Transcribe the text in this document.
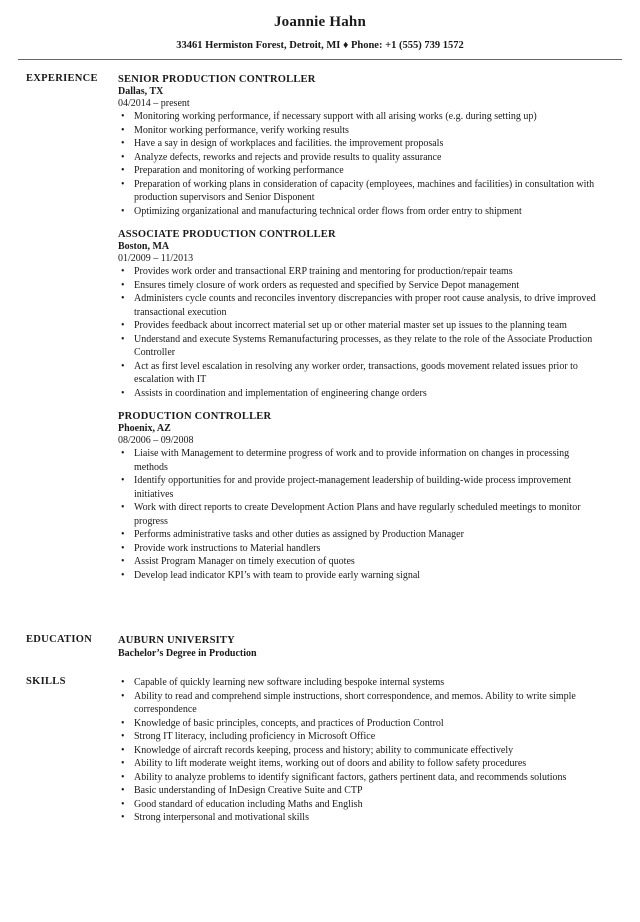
Joannie Hahn
33461 Hermiston Forest, Detroit, MI ♦ Phone: +1 (555) 739 1572
EXPERIENCE SENIOR PRODUCTION CONTROLLER
Dallas, TX
04/2014 – present
• Monitoring working performance, if necessary support with all arising works (e.g. during setting up)
• Monitor working performance, verify working results
• Have a say in design of workplaces and facilities. the improvement proposals
• Analyze defects, reworks and rejects and provide results to quality assurance
• Preparation and monitoring of working performance
• Preparation of working plans in consideration of capacity (employees, machines and facilities) in consultation with production supervisors and Senior Disponent
• Optimizing organizational and manufacturing technical order flows from order entry to shipment
ASSOCIATE PRODUCTION CONTROLLER
Boston, MA
01/2009 – 11/2013
• Provides work order and transactional ERP training and mentoring for production/repair teams
• Ensures timely closure of work orders as requested and specified by Service Depot management
• Administers cycle counts and reconciles inventory discrepancies with proper root cause analysis, to drive improved transactional execution
• Provides feedback about incorrect material set up or other material master set up issues to the planning team
• Understand and execute Systems Remanufacturing processes, as they relate to the role of the Associate Production Controller
• Act as first level escalation in resolving any worker order, transactions, goods movement related issues prior to escalation with IT
• Assists in coordination and implementation of engineering change orders
PRODUCTION CONTROLLER
Phoenix, AZ
08/2006 – 09/2008
• Liaise with Management to determine progress of work and to provide information on changes in processing methods
• Identify opportunities for and provide project-management leadership of building-wide process improvement initiatives
• Work with direct reports to create Development Action Plans and have regularly scheduled meetings to monitor progress
• Performs administrative tasks and other duties as assigned by Production Manager
• Provide work instructions to Material handlers
• Assist Program Manager on timely execution of quotes
• Develop lead indicator KPI’s with team to provide early warning signal
EDUCATION AUBURN UNIVERSITY
Bachelor’s Degree in Production
SKILLS
•	Capable of quickly learning new software including bespoke internal systems
• Ability to read and comprehend simple instructions, short correspondence, and memos. Ability to write simple correspondence
• Knowledge of basic principles, concepts, and practices of Production Control
• Strong IT literacy, including proficiency in Microsoft Office
• Knowledge of aircraft records keeping, process and history; ability to communicate effectively
• Ability to lift moderate weight items, working out of doors and ability to follow safety procedures
• Ability to analyze problems to identify significant factors, gathers pertinent data, and recommends solutions
• Basic understanding of InDesign Creative Suite and CTP
• Good standard of education including Maths and English
• Strong interpersonal and motivational skills
